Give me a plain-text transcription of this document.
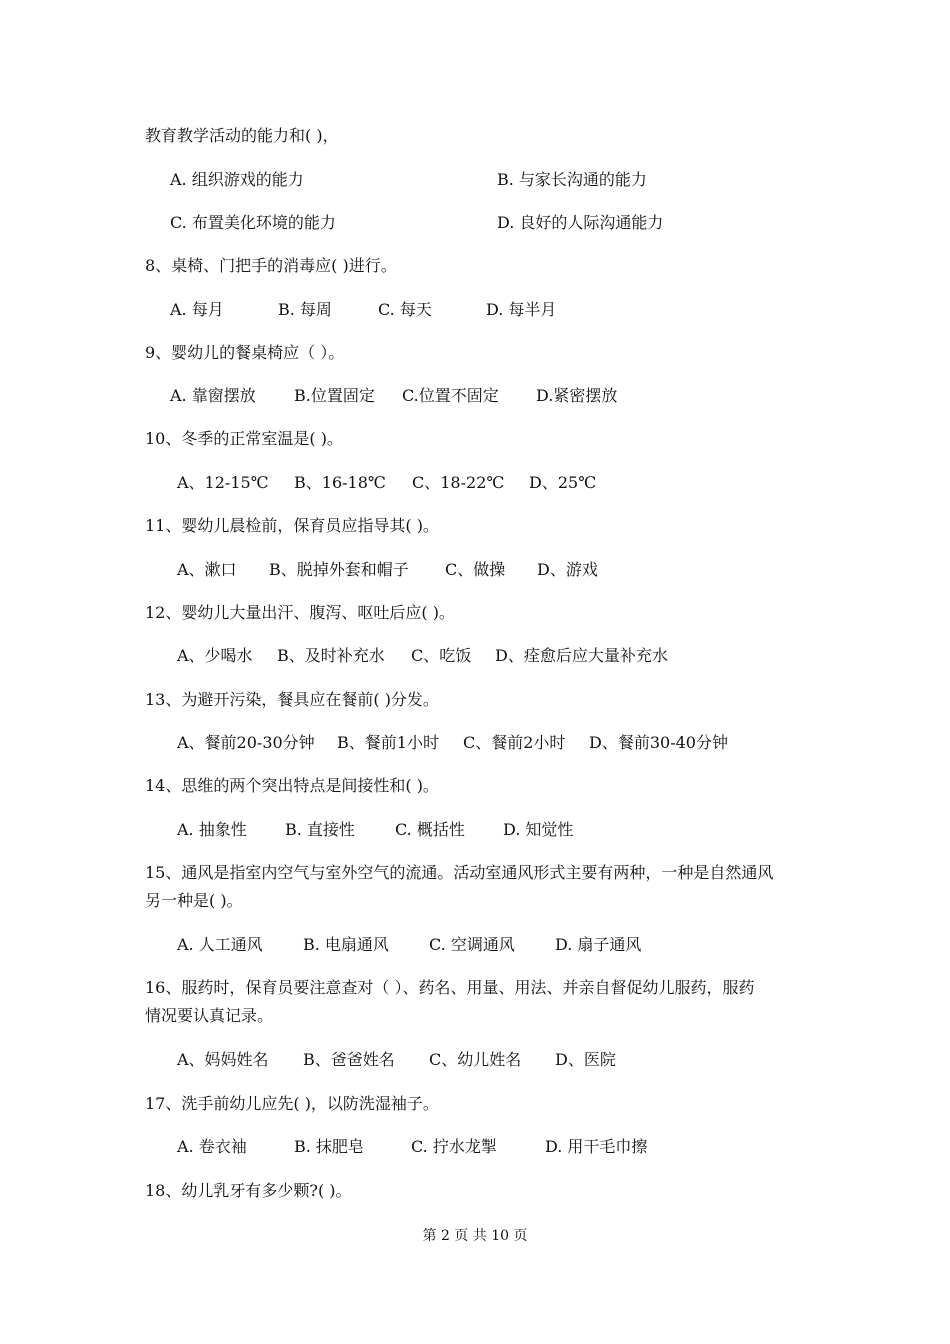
教育教学活动的能力和( )，
A. 组织游戏的能力	B. 与家长沟通的能力
C. 布置美化环境的能力	D. 良好的人际沟通能力
8、桌椅、门把手的消毒应( )进行。
A. 每月	B. 每周	C. 每天	D. 每半月
9、婴幼儿的餐桌椅应（ ）。
A. 靠窗摆放 B.位置固定 C.位置不固定 D.紧密摆放
10、冬季的正常室温是( )。
A、12-15℃ B、16-18℃ C、18-22℃ D、25℃
11、婴幼儿晨检前，保育员应指导其( )。
A、漱口 B、脱掉外套和帽子 C、做操 D、游戏
12、婴幼儿大量出汗、腹泻、呕吐后应( )。
A、少喝水 B、及时补充水 C、吃饭 D、痊愈后应大量补充水
13、为避开污染，餐具应在餐前( )分发。
A、餐前20-30分钟 B、餐前1小时 C、餐前2小时 D、餐前30-40分钟
14、思维的两个突出特点是间接性和( )。
A. 抽象性 B. 直接性	C. 概括性 D. 知觉性
15、通风是指室内空气与室外空气的流通。活动室通风形式主要有两种，一种是自然通风
另一种是( )。
A. 人工通风	B. 电扇通风	C. 空调通风	D. 扇子通风
16、服药时，保育员要注意查对（ ）、药名、用量、用法、并亲自督促幼儿服药，服药
情况要认真记录。
A、妈妈姓名 B、爸爸姓名 C、幼儿姓名 D、医院
17、洗手前幼儿应先( )，以防洗湿袖子。
A. 卷衣袖	B. 抹肥皂	C. 拧水龙掣	D. 用干毛巾擦
18、幼儿乳牙有多少颗?( )。
第 2 页 共 10 页
